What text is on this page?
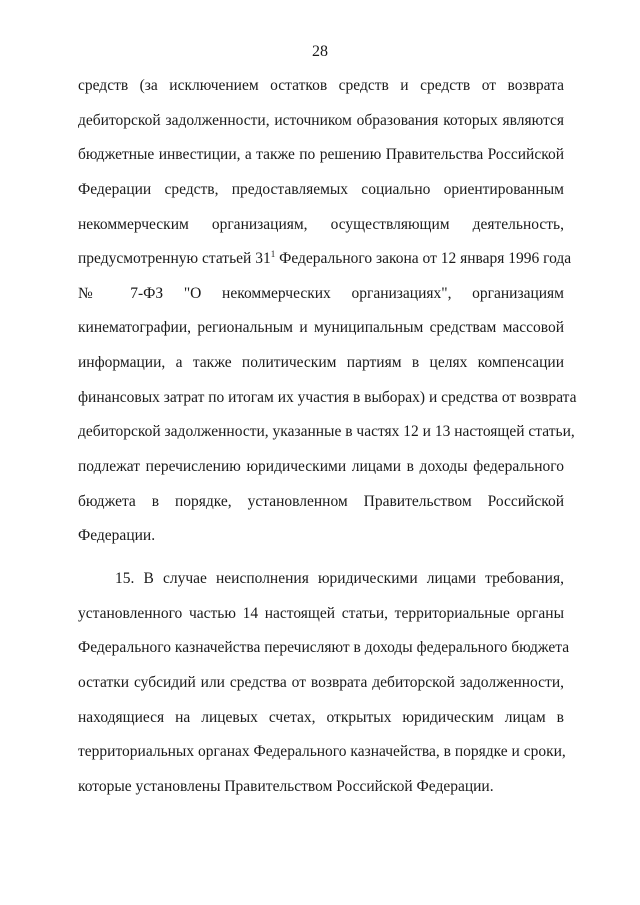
28
средств (за исключением остатков средств и средств от возврата
дебиторской задолженности, источником образования которых являются
бюджетные инвестиции, а также по решению Правительства Российской
Федерации средств, предоставляемых социально ориентированным
некоммерческим организациям, осуществляющим деятельность,
предусмотренную статьей $31^1$ Федерального закона от 12 января 1996 года
№ 7-ФЗ "О некоммерческих организациях", организациям
кинематографии, региональным и муниципальным средствам массовой
информации, а также политическим партиям в целях компенсации
финансовых затрат по итогам их участия в выборах) и средства от возврата
дебиторской задолженности, указанные в частях 12 и 13 настоящей статьи,
подлежат перечислению юридическими лицами в доходы федерального
бюджета в порядке, установленном Правительством Российской
Федерации.
15. В случае неисполнения юридическими лицами требования,
установленного частью 14 настоящей статьи, территориальные органы
Федерального казначейства перечисляют в доходы федерального бюджета
остатки субсидий или средства от возврата дебиторской задолженности,
находящиеся на лицевых счетах, открытых юридическим лицам в
территориальных органах Федерального казначейства, в порядке и сроки,
которые установлены Правительством Российской Федерации.
